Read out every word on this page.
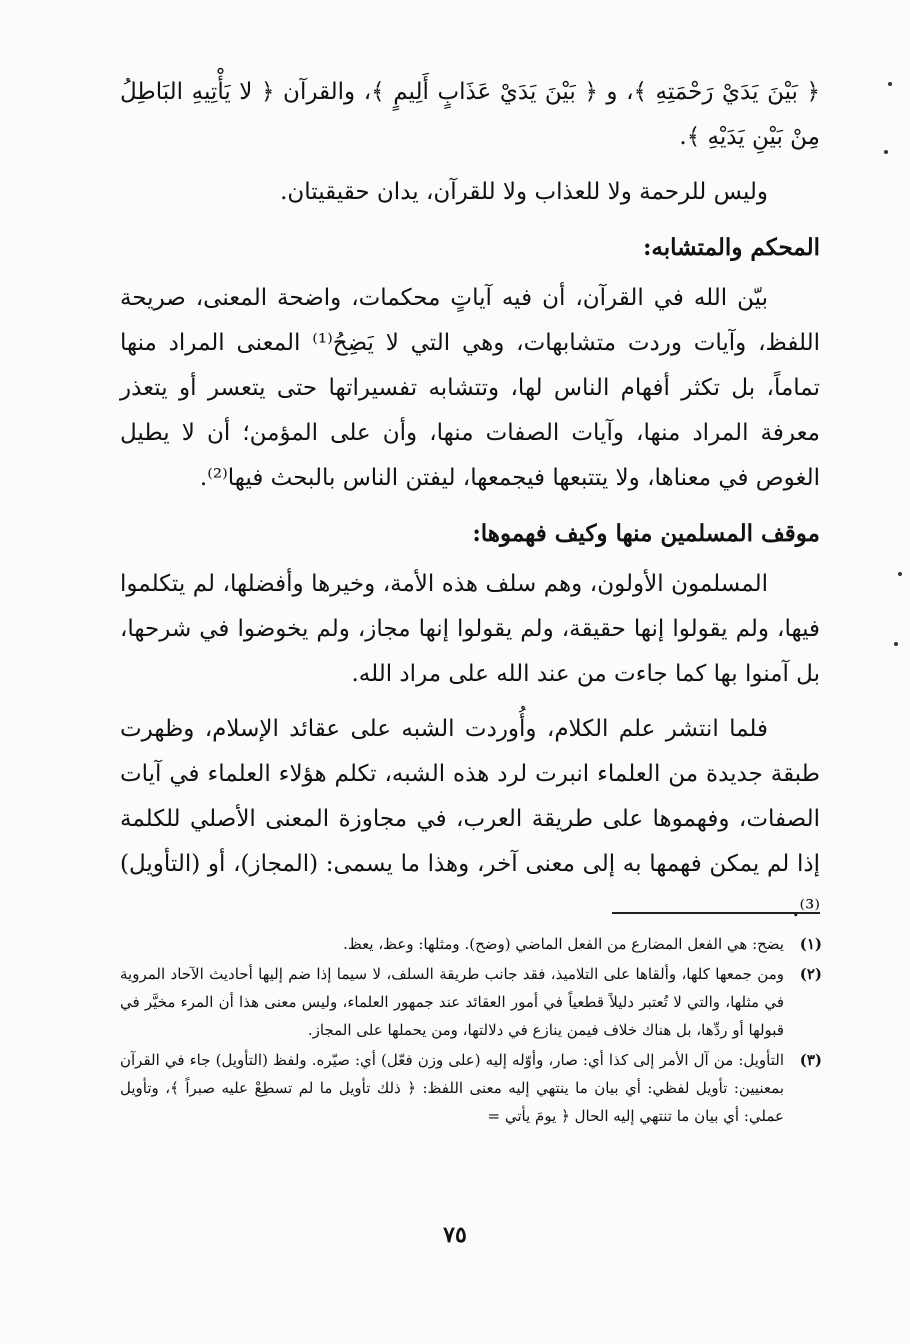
﴿ بَيْنَ يَدَيْ رَحْمَتِهِ ﴾، و ﴿ بَيْنَ يَدَيْ عَذَابٍ أَلِيمٍ ﴾، والقرآن ﴿ لا يَأْتِيهِ البَاطِلُ مِنْ بَيْنِ يَدَيْهِ ﴾.

وليس للرحمة ولا للعذاب ولا للقرآن، يدان حقيقيتان.

المحكم والمتشابه:

بيّن الله في القرآن، أن فيه آياتٍ محكمات، واضحة المعنى، صريحة اللفظ، وآيات وردت متشابهات، وهي التي لا يَضِحُ⁽¹⁾ المعنى المراد منها تماماً، بل تكثر أفهام الناس لها، وتتشابه تفسيراتها حتى يتعسر أو يتعذر معرفة المراد منها، وآيات الصفات منها، وأن على المؤمن؛ أن لا يطيل الغوص في معناها، ولا يتتبعها فيجمعها، ليفتن الناس بالبحث فيها⁽²⁾.

موقف المسلمين منها وكيف فهموها:

المسلمون الأولون، وهم سلف هذه الأمة، وخيرها وأفضلها، لم يتكلموا فيها، ولم يقولوا إنها حقيقة، ولم يقولوا إنها مجاز، ولم يخوضوا في شرحها، بل آمنوا بها كما جاءت من عند الله على مراد الله.

فلما انتشر علم الكلام، وأُوردت الشبه على عقائد الإسلام، وظهرت طبقة جديدة من العلماء انبرت لرد هذه الشبه، تكلم هؤلاء العلماء في آيات الصفات، وفهموها على طريقة العرب، في مجاوزة المعنى الأصلي للكلمة إذا لم يمكن فهمها به إلى معنى آخر، وهذا ما يسمى: (المجاز)، أو (التأويل)⁽³⁾.

(١)
يضح: هي الفعل المضارع من الفعل الماضي (وضح). ومثلها: وعظ، يعظ.
(٢)
ومن جمعها كلها، وألقاها على التلاميذ، فقد جانب طريقة السلف، لا سيما إذا ضم إليها أحاديث الآحاد المروية في مثلها، والتي لا تُعتبر دليلاً قطعياً في أمور العقائد عند جمهور العلماء، وليس معنى هذا أن المرء مخيَّر في قبولها أو ردِّها، بل هناك خلاف فيمن ينازع في دلالتها، ومن يحملها على المجاز.
(٣)
التأويل: من آل الأمر إلى كذا أي: صار، وأوّله إليه (على وزن فعّل) أي: صيّره. ولفظ (التأويل) جاء في القرآن بمعنيين: تأويل لفظي: أي بيان ما ينتهي إليه معنى اللفظ: ﴿ ذلك تأويل ما لم تسطِعْ عليه صبراً ﴾، وتأويل عملي: أي بيان ما تنتهي إليه الحال ﴿ يومَ يأتي =
٧٥
